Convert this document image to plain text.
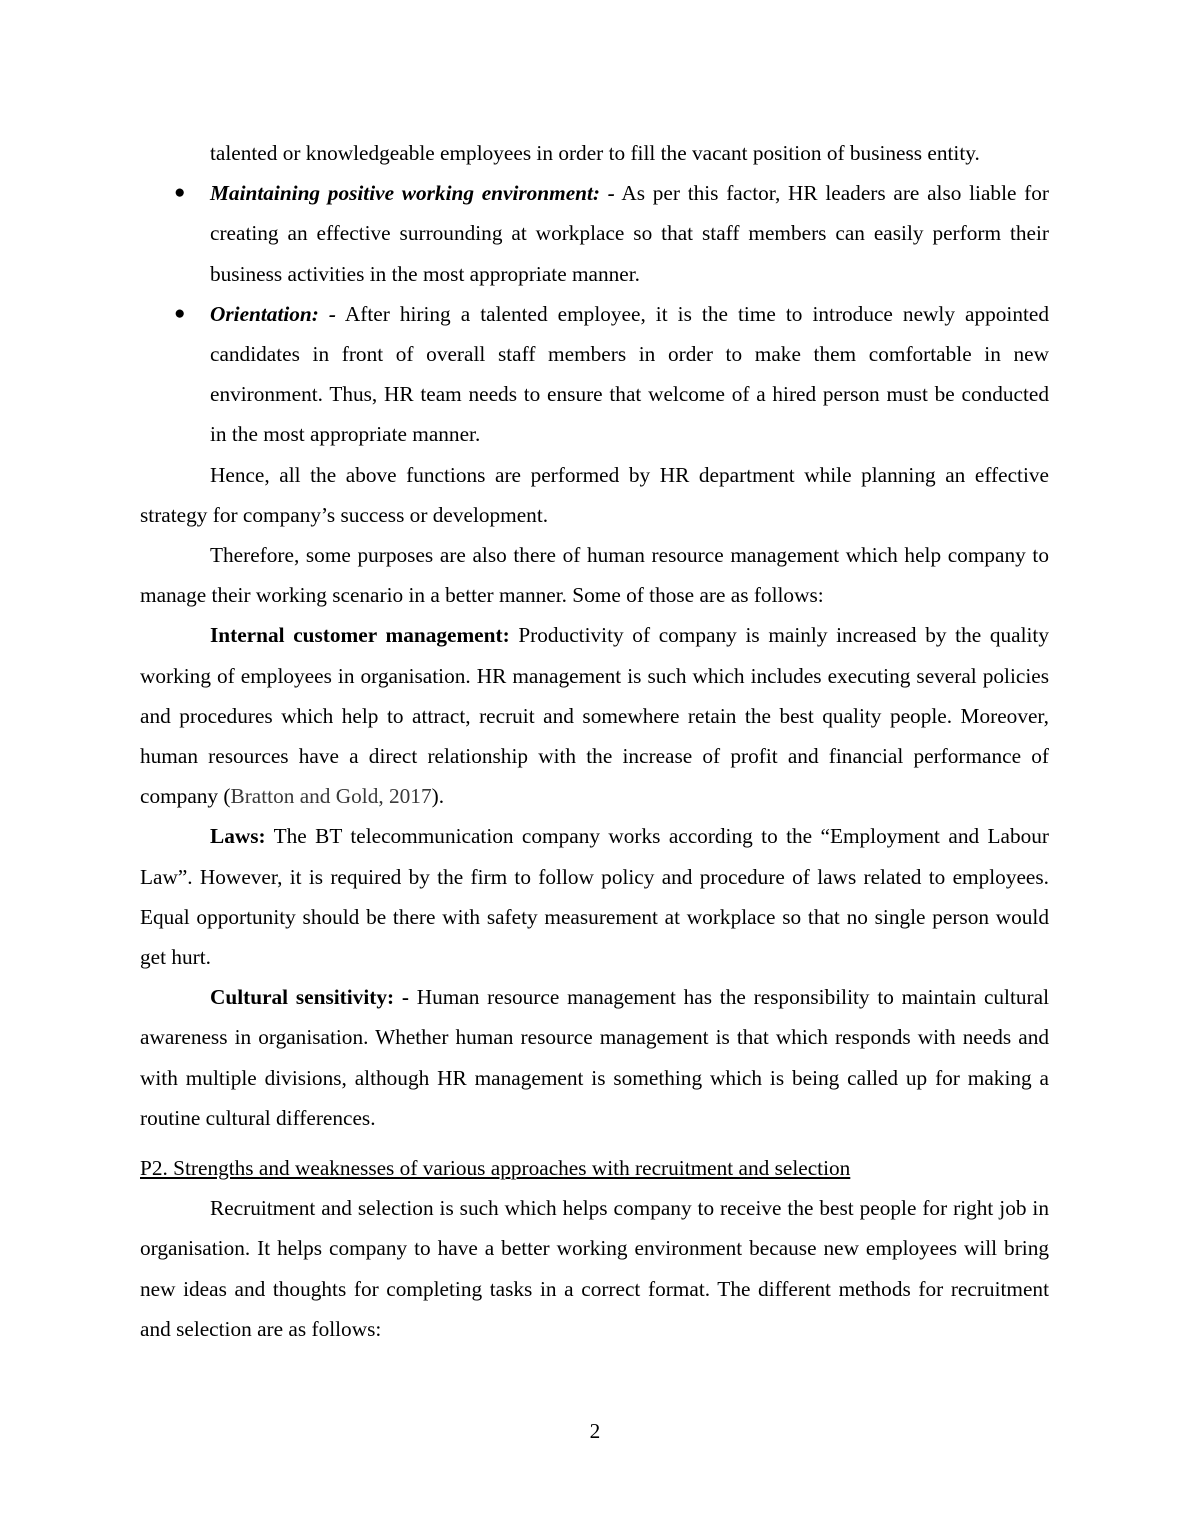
talented or knowledgeable employees in order to fill the vacant position of business entity.

● Maintaining positive working environment: - As per this factor, HR leaders are also liable for creating an effective surrounding at workplace so that staff members can easily perform their business activities in the most appropriate manner.

● Orientation: - After hiring a talented employee, it is the time to introduce newly appointed candidates in front of overall staff members in order to make them comfortable in new environment. Thus, HR team needs to ensure that welcome of a hired person must be conducted in the most appropriate manner.

Hence, all the above functions are performed by HR department while planning an effective strategy for company’s success or development.

Therefore, some purposes are also there of human resource management which help company to manage their working scenario in a better manner. Some of those are as follows:

Internal customer management: Productivity of company is mainly increased by the quality working of employees in organisation. HR management is such which includes executing several policies and procedures which help to attract, recruit and somewhere retain the best quality people. Moreover, human resources have a direct relationship with the increase of profit and financial performance of company (Bratton and Gold, 2017).

Laws: The BT telecommunication company works according to the “Employment and Labour Law”. However, it is required by the firm to follow policy and procedure of laws related to employees. Equal opportunity should be there with safety measurement at workplace so that no single person would get hurt.

Cultural sensitivity: - Human resource management has the responsibility to maintain cultural awareness in organisation. Whether human resource management is that which responds with needs and with multiple divisions, although HR management is something which is being called up for making a routine cultural differences.

P2. Strengths and weaknesses of various approaches with recruitment and selection

Recruitment and selection is such which helps company to receive the best people for right job in organisation. It helps company to have a better working environment because new employees will bring new ideas and thoughts for completing tasks in a correct format. The different methods for recruitment and selection are as follows:

2
